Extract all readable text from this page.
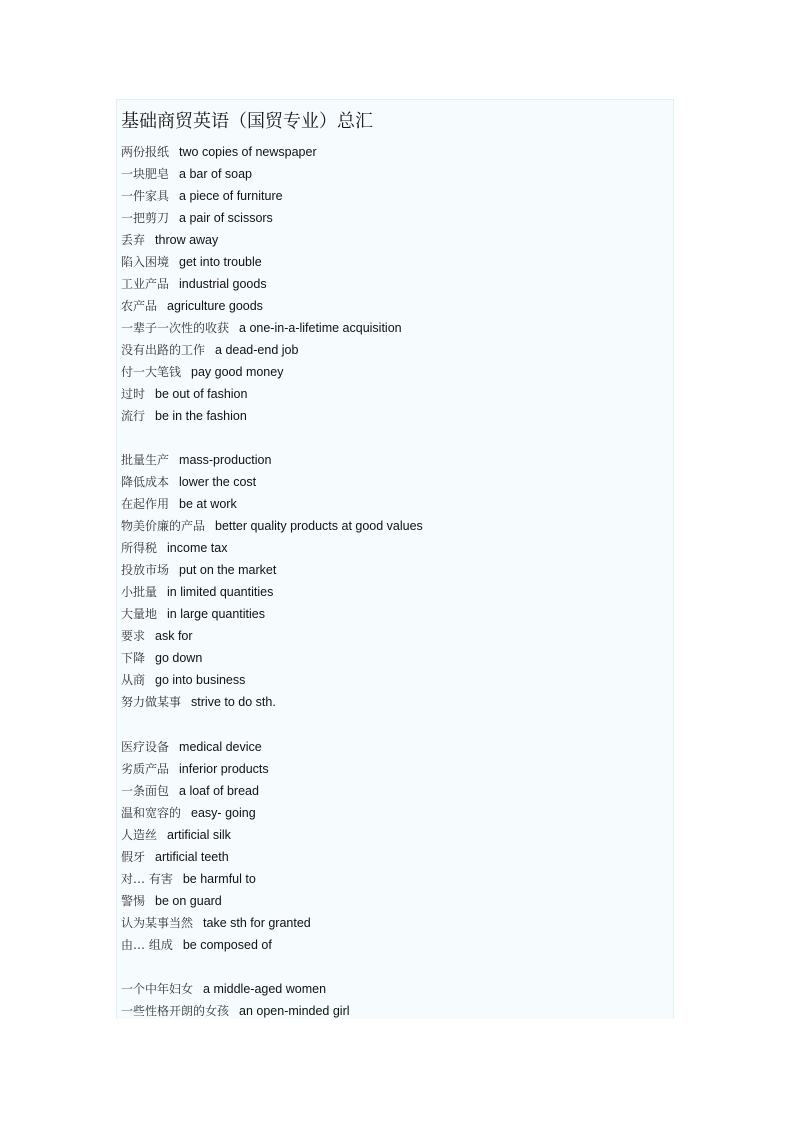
基础商贸英语（国贸专业）总汇
两份报纸 two copies of newspaper
一块肥皂 a bar of soap
一件家具 a piece of furniture
一把剪刀 a pair of scissors
丢弃 throw away
陷入困境 get into trouble
工业产品 industrial goods
农产品 agriculture goods
一辈子一次性的收获 a one-in-a-lifetime acquisition
没有出路的工作 a dead-end job
付一大笔钱 pay good money
过时 be out of fashion
流行 be in the fashion
批量生产 mass-production
降低成本 lower the cost
在起作用 be at work
物美价廉的产品 better quality products at good values
所得税 income tax
投放市场 put on the market
小批量 in limited quantities
大量地 in large quantities
要求 ask for
下降 go down
从商 go into business
努力做某事 strive to do sth.
医疗设备 medical device
劣质产品 inferior products
一条面包 a loaf of bread
温和宽容的 easy- going
人造丝 artificial silk
假牙 artificial teeth
对… 有害 be harmful to
警惕 be on guard
认为某事当然 take sth for granted
由… 组成 be composed of
一个中年妇女 a middle-aged women
一些性格开朗的女孩 an open-minded girl
